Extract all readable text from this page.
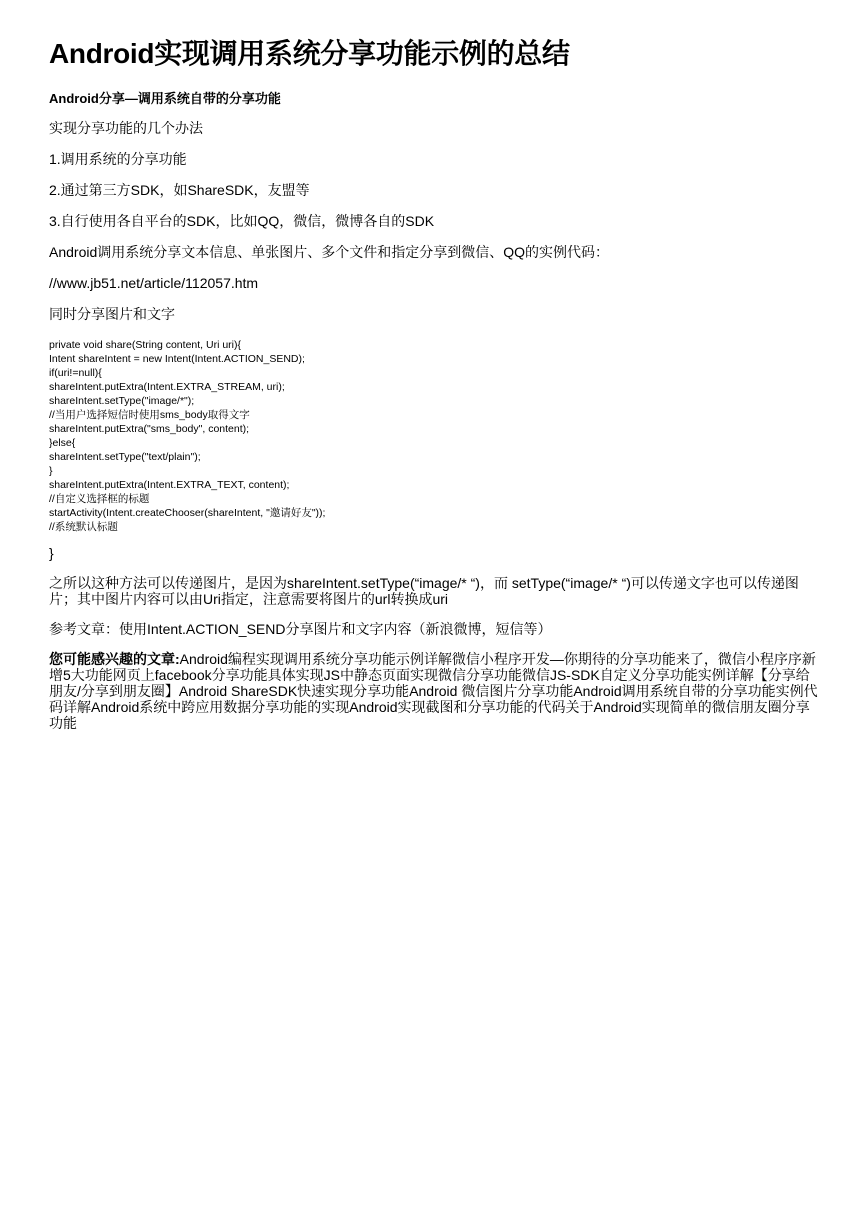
Android实现调用系统分享功能示例的总结
Android分享—调用系统自带的分享功能
实现分享功能的几个办法
1.调用系统的分享功能
2.通过第三方SDK，如ShareSDK，友盟等
3.自行使用各自平台的SDK，比如QQ，微信，微博各自的SDK
Android调用系统分享文本信息、单张图片、多个文件和指定分享到微信、QQ的实例代码：
//www.jb51.net/article/112057.htm
同时分享图片和文字
private void share(String content, Uri uri){
Intent shareIntent = new Intent(Intent.ACTION_SEND);
if(uri!=null){
shareIntent.putExtra(Intent.EXTRA_STREAM, uri);
shareIntent.setType("image/*");
//当用户选择短信时使用sms_body取得文字
shareIntent.putExtra("sms_body", content);
}else{
shareIntent.setType("text/plain");
}
shareIntent.putExtra(Intent.EXTRA_TEXT, content);
//自定义选择框的标题
startActivity(Intent.createChooser(shareIntent, "邀请好友"));
//系统默认标题
}
之所以这种方法可以传递图片，是因为shareIntent.setType(“image/* “)，而 setType(“image/* “)可以传递文字也可以传递图片；其中图片内容可以由Uri指定，注意需要将图片的url转换成uri
参考文章：使用Intent.ACTION_SEND分享图片和文字内容（新浪微博，短信等）
您可能感兴趣的文章:Android编程实现调用系统分享功能示例详解微信小程序开发—你期待的分享功能来了，微信小程序序新增5大功能网页上facebook分享功能具体实现JS中静态页面实现微信分享功能微信JS-SDK自定义分享功能实例详解【分享给朋友/分享到朋友圈】Android ShareSDK快速实现分享功能Android 微信图片分享功能Android调用系统自带的分享功能实例代码详解Android系统中跨应用数据分享功能的实现Android实现截图和分享功能的代码关于Android实现简单的微信朋友圈分享功能
